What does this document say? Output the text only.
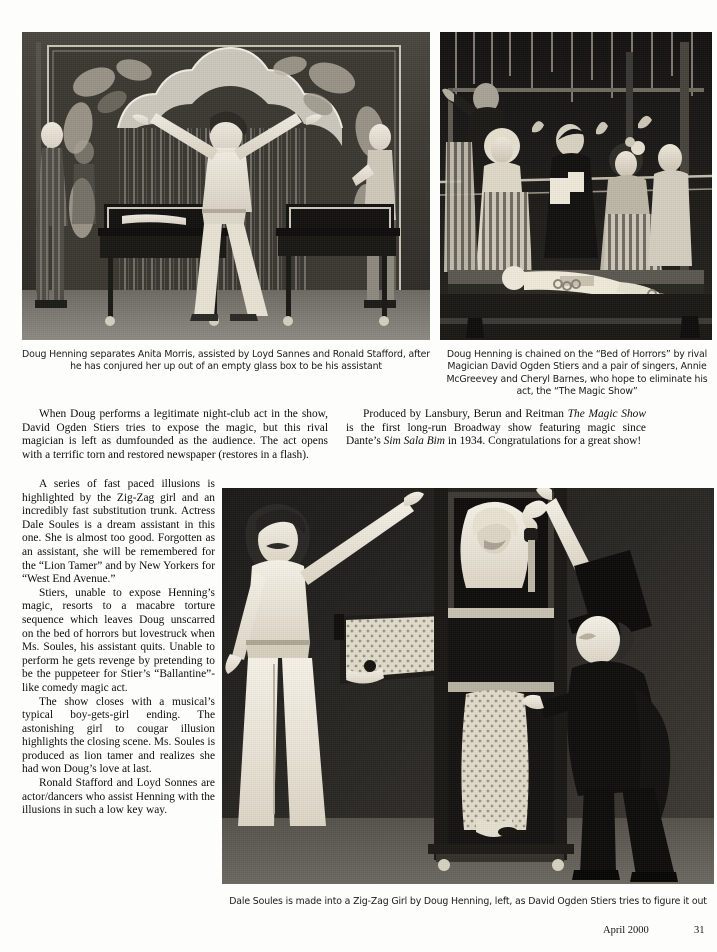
Doug Henning separates Anita Morris, assisted by Loyd Sannes and Ronald Stafford, after he has conjured her up out of an empty glass box to be his assistant
Doug Henning is chained on the “Bed of Horrors” by rival Magician David Ogden Stiers and a pair of singers, Annie McGreevey and Cheryl Barnes, who hope to eliminate his act, the “The Magic Show”

When Doug performs a legitimate night-club act in the show, David Ogden Stiers tries to expose the magic, but this rival magician is left as dumfounded as the audience. The act opens with a terrific torn and restored newspaper (restores in a flash).

Produced by Lansbury, Berun and Reitman The Magic Show is the first long-run Broadway show featuring magic since Dante’s Sim Sala Bim in 1934. Congratulations for a great show!

A series of fast paced illusions is highlighted by the Zig-Zag girl and an incredibly fast substitution trunk. Actress Dale Soules is a dream assistant in this one. She is almost too good. Forgotten as an assistant, she will be remembered for the “Lion Tamer” and by New Yorkers for “West End Avenue.”

Stiers, unable to expose Henning’s magic, resorts to a macabre torture sequence which leaves Doug unscarred on the bed of horrors but lovestruck when Ms. Soules, his assistant quits. Unable to perform he gets revenge by pretending to be the puppeteer for Stier’s “Ballantine”-like comedy magic act.

The show closes with a musical’s typical boy-gets-girl ending. The astonishing girl to cougar illusion highlights the closing scene. Ms. Soules is produced as lion tamer and realizes she had won Doug’s love at last.

Ronald Stafford and Loyd Sonnes are actor/dancers who assist Henning with the illusions in such a low key way.

Dale Soules is made into a Zig-Zag Girl by Doug Henning, left, as David Ogden Stiers tries to figure it out
April 2000	31
